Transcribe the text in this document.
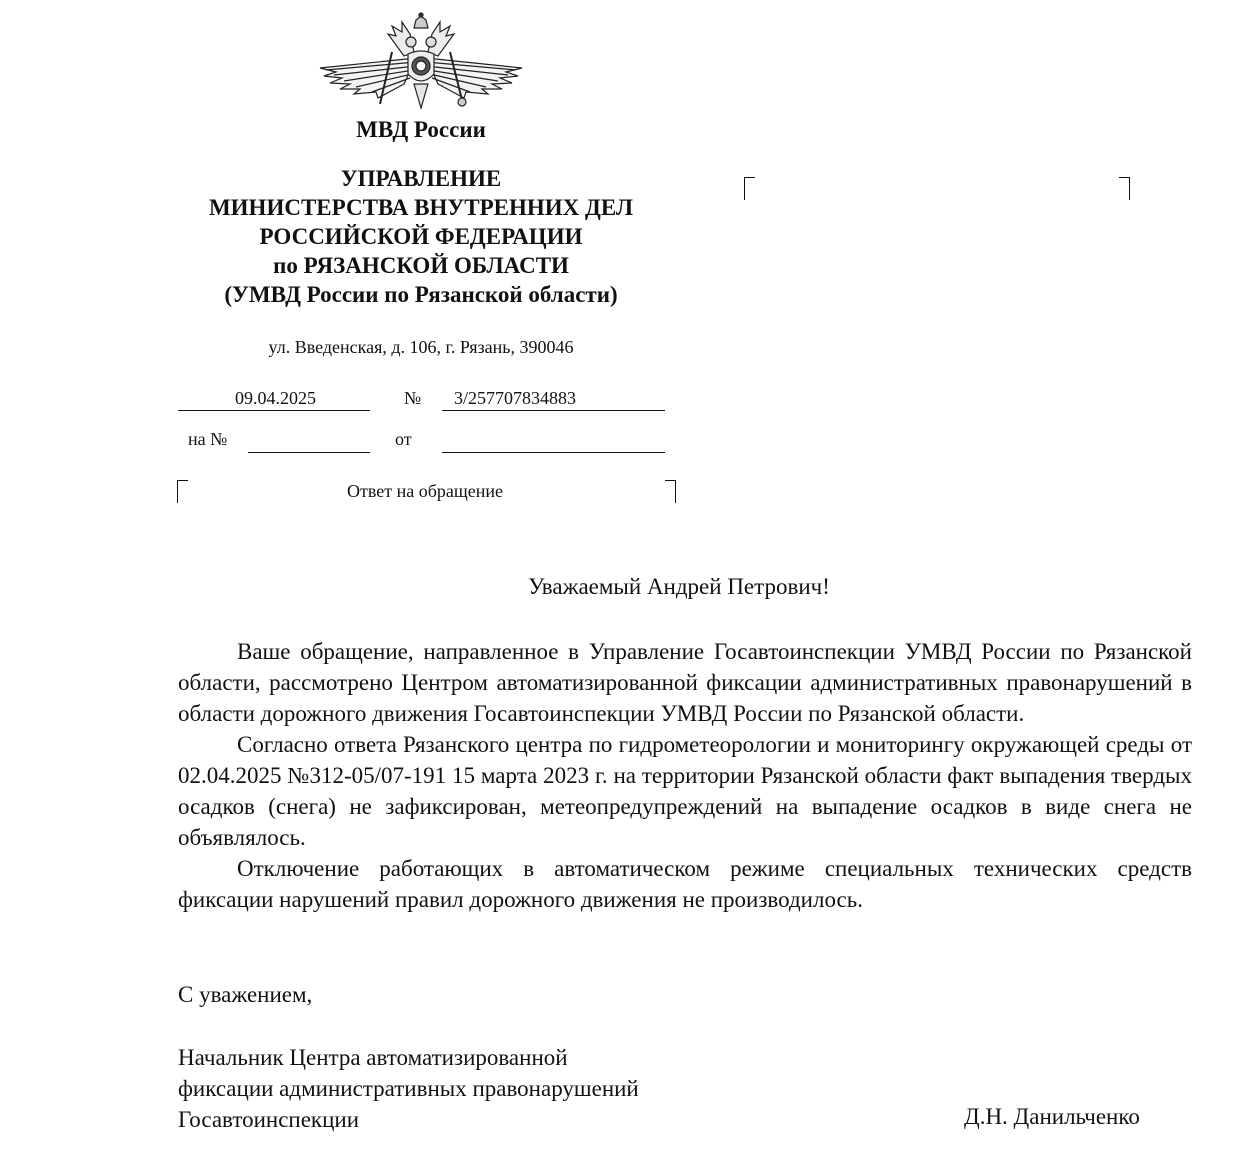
МВД России
УПРАВЛЕНИЕ
МИНИСТЕРСТВА ВНУТРЕННИХ ДЕЛ
РОССИЙСКОЙ ФЕДЕРАЦИИ
по РЯЗАНСКОЙ ОБЛАСТИ
(УМВД России по Рязанской области)
ул. Введенская, д. 106, г. Рязань, 390046
09.04.2025	№ 3/257707834883
на №	от
Ответ на обращение
Уважаемый Андрей Петрович!

Ваше обращение, направленное в Управление Госавтоинспекции УМВД России по Рязанской области, рассмотрено Центром автоматизированной фиксации административных правонарушений в области дорожного движения Госавтоинспекции УМВД России по Рязанской области.

Согласно ответа Рязанского центра по гидрометеорологии и мониторингу окружающей среды от 02.04.2025 №312-05/07-191 15 марта 2023 г. на территории Рязанской области факт выпадения твердых осадков (снега) не зафиксирован, метеопредупреждений на выпадение осадков в виде снега не объявлялось.

Отключение работающих в автоматическом режиме специальных технических средств фиксации нарушений правил дорожного движения не производилось.

С уважением,
Начальник Центра автоматизированной
фиксации административных правонарушений
Госавтоинспекции	Д.Н. Данильченко
